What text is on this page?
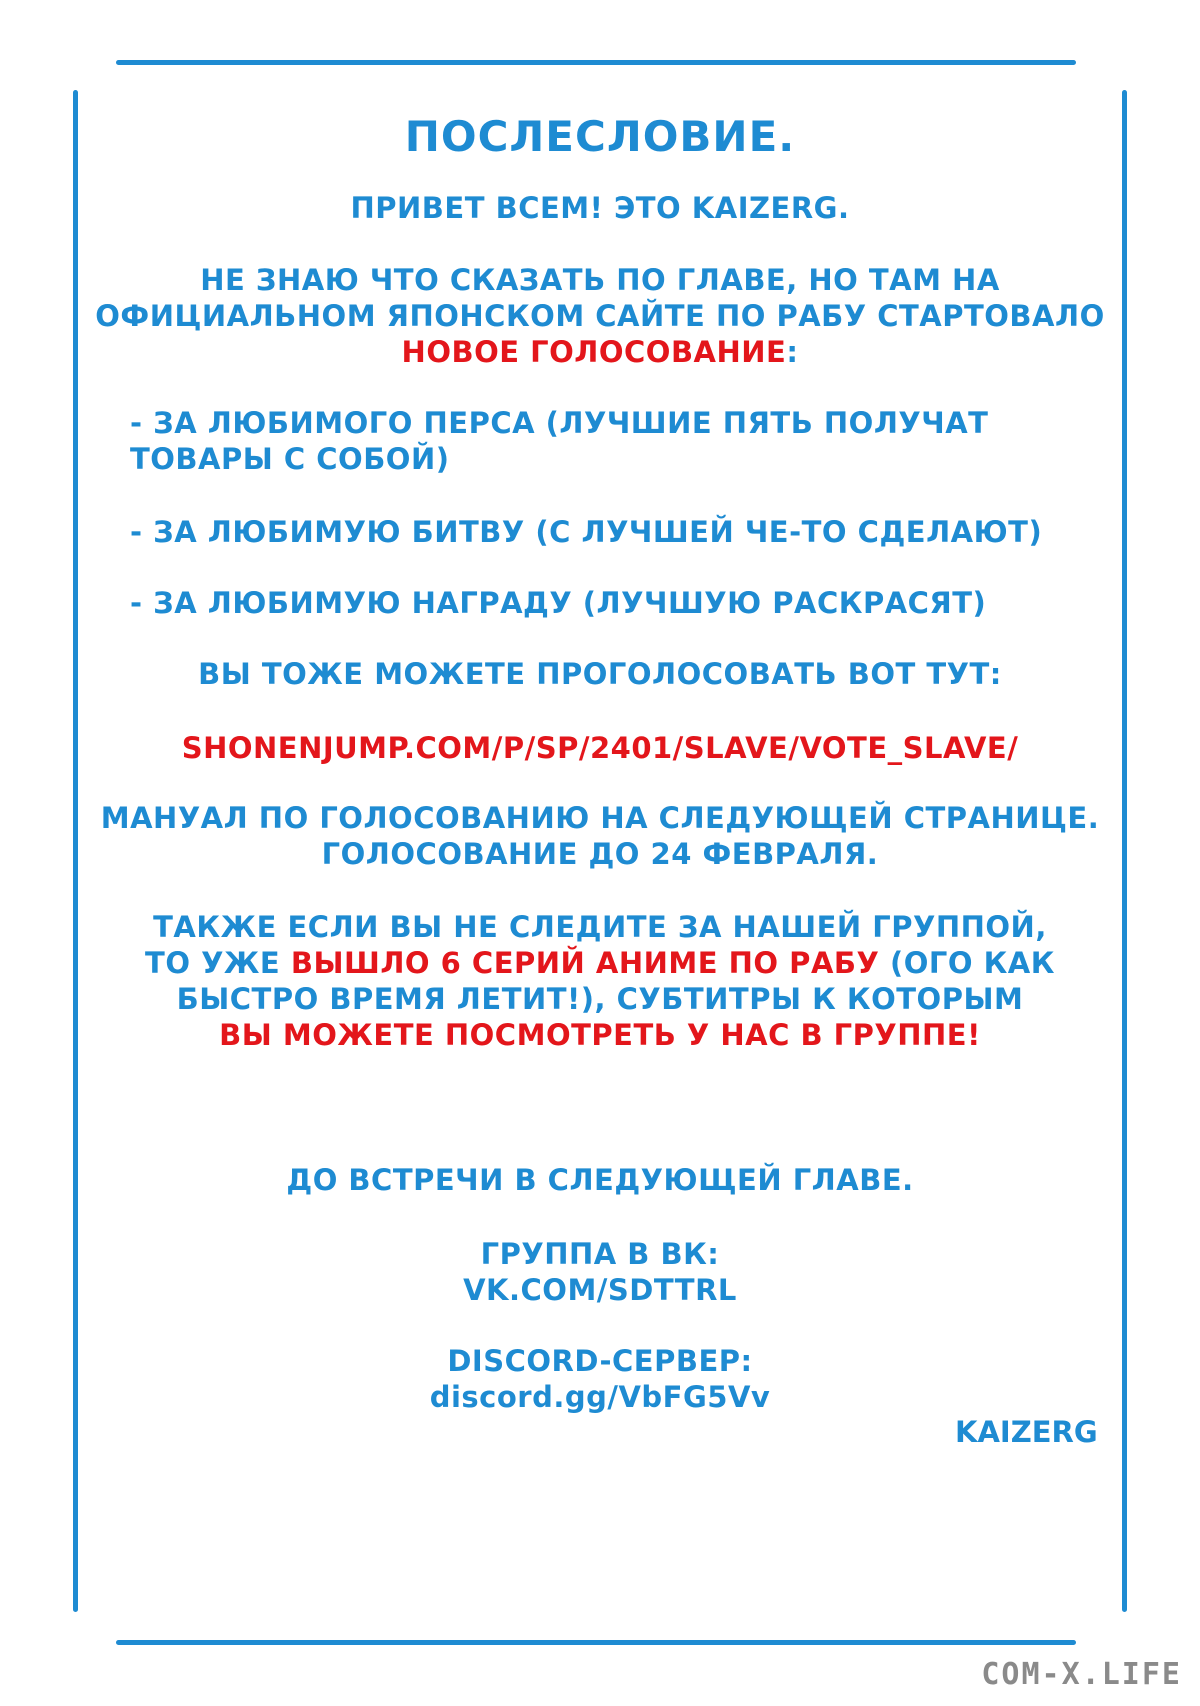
ПОСЛЕСЛОВИЕ.
ПРИВЕТ ВСЕМ! ЭТО KAIZERG.
НЕ ЗНАЮ ЧТО СКАЗАТЬ ПО ГЛАВЕ, НО ТАМ НА
ОФИЦИАЛЬНОМ ЯПОНСКОМ САЙТЕ ПО РАБУ СТАРТОВАЛО
НОВОЕ ГОЛОСОВАНИЕ:
- ЗА ЛЮБИМОГО ПЕРСА (ЛУЧШИЕ ПЯТЬ ПОЛУЧАТ
ТОВАРЫ С СОБОЙ)
- ЗА ЛЮБИМУЮ БИТВУ (С ЛУЧШЕЙ ЧЕ-ТО СДЕЛАЮТ)
- ЗА ЛЮБИМУЮ НАГРАДУ (ЛУЧШУЮ РАСКРАСЯТ)
ВЫ ТОЖЕ МОЖЕТЕ ПРОГОЛОСОВАТЬ ВОТ ТУТ:
SHONENJUMP.COM/P/SP/2401/SLAVE/VOTE_SLAVE/
МАНУАЛ ПО ГОЛОСОВАНИЮ НА СЛЕДУЮЩЕЙ СТРАНИЦЕ.
ГОЛОСОВАНИЕ ДО 24 ФЕВРАЛЯ.
ТАКЖЕ ЕСЛИ ВЫ НЕ СЛЕДИТЕ ЗА НАШЕЙ ГРУППОЙ,
ТО УЖЕ ВЫШЛО 6 СЕРИЙ АНИМЕ ПО РАБУ (ОГО КАК
БЫСТРО ВРЕМЯ ЛЕТИТ!), СУБТИТРЫ К КОТОРЫМ
ВЫ МОЖЕТЕ ПОСМОТРЕТЬ У НАС В ГРУППЕ!
ДО ВСТРЕЧИ В СЛЕДУЮЩЕЙ ГЛАВЕ.
ГРУППА В ВК:
VK.COM/SDTTRL
DISCORD-СЕРВЕР:
discord.gg/VbFG5Vv
KAIZERG
COM-X.LIFE
